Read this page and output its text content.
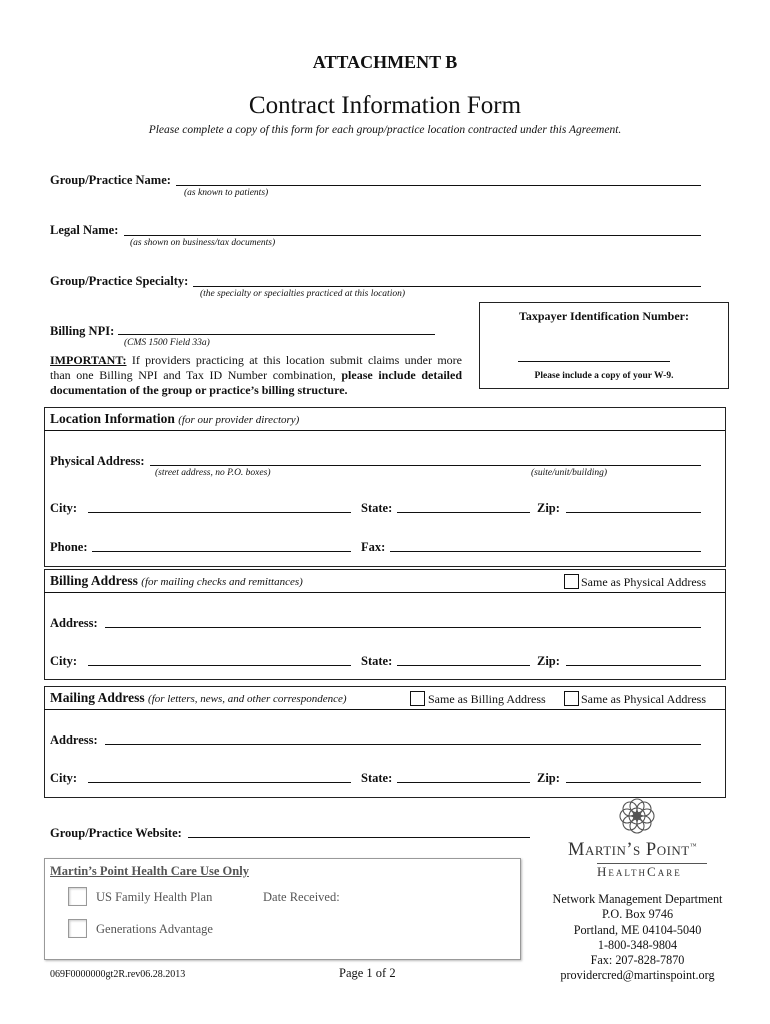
ATTACHMENT B
Contract Information Form
Please complete a copy of this form for each group/practice location contracted under this Agreement.
Group/Practice Name:
(as known to patients)
Legal Name:
(as shown on business/tax documents)
Group/Practice Specialty:
(the specialty or specialties practiced at this location)
Billing NPI:
(CMS 1500 Field 33a)
IMPORTANT: If providers practicing at this location submit claims under more than one Billing NPI and Tax ID Number combination, please include detailed documentation of the group or practice’s billing structure.
Taxpayer Identification Number:
Please include a copy of your W-9.
Location Information (for our provider directory)
Physical Address:
(street address, no P.O. boxes)	(suite/unit/building)
City:	State:	Zip:
Phone:	Fax:
Billing Address (for mailing checks and remittances)	Same as Physical Address
Address:
City:	State:	Zip:
Mailing Address (for letters, news, and other correspondence)	Same as Billing Address	Same as Physical Address
Address:
City:	State:	Zip:
Group/Practice Website:
Martin’s Point Health Care Use Only
US Family Health Plan	Date Received:
Generations Advantage
069F0000000gt2R.rev06.28.2013	Page 1 of 2
Martin’s Point™
HealthCare
Network Management Department
P.O. Box 9746
Portland, ME 04104-5040
1-800-348-9804
Fax: 207-828-7870
providercred@martinspoint.org
